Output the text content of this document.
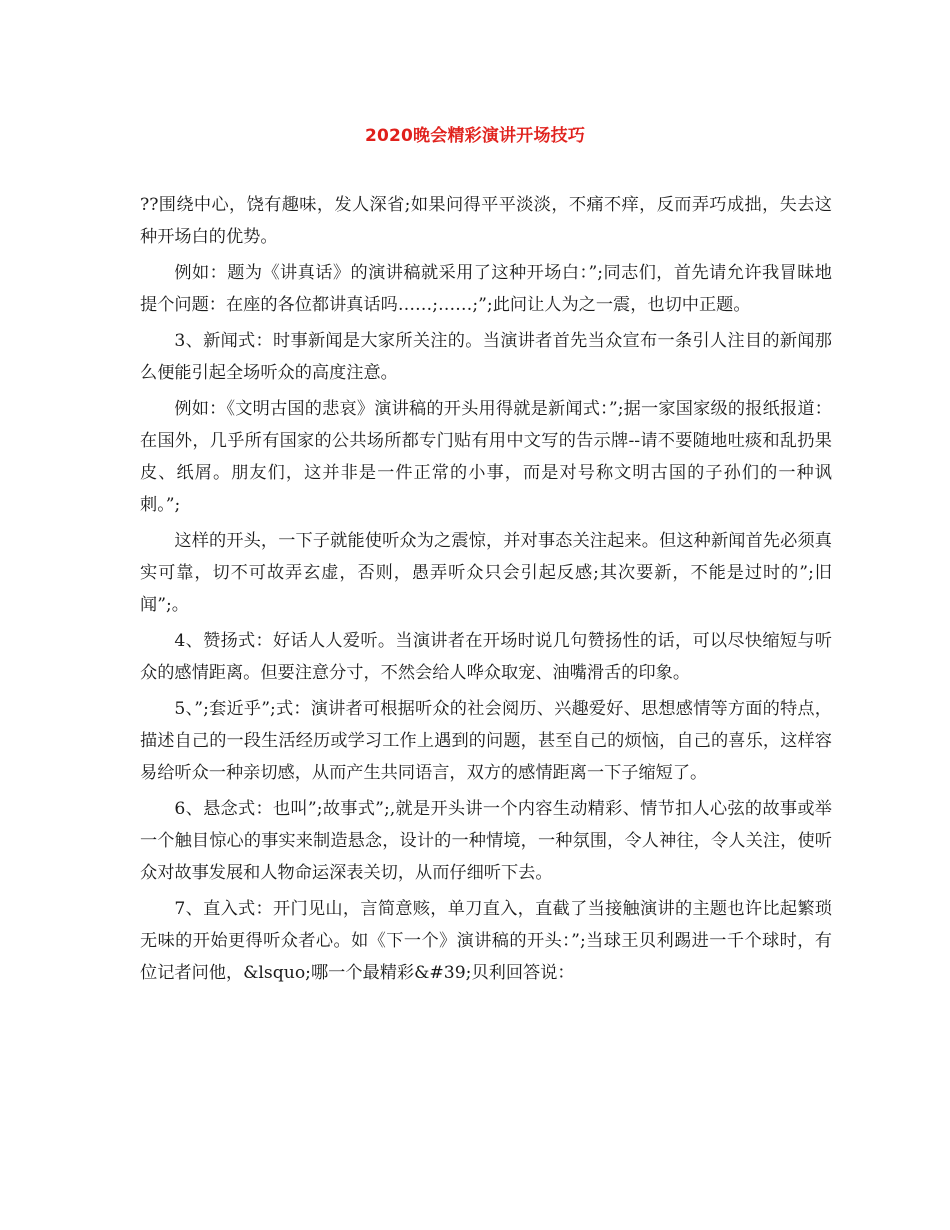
2020晚会精彩演讲开场技巧

??围绕中心，饶有趣味，发人深省;如果问得平平淡淡，不痛不痒，反而弄巧成拙，失去这种开场白的优势。

例如：题为《讲真话》的演讲稿就采用了这种开场白：”;同志们，首先请允许我冒昧地提个问题：在座的各位都讲真话吗……;……;”;此问让人为之一震，也切中正题。

3、新闻式：时事新闻是大家所关注的。当演讲者首先当众宣布一条引人注目的新闻那么便能引起全场听众的高度注意。

例如：《文明古国的悲哀》演讲稿的开头用得就是新闻式：”;据一家国家级的报纸报道：在国外，几乎所有国家的公共场所都专门贴有用中文写的告示牌--请不要随地吐痰和乱扔果皮、纸屑。朋友们，这并非是一件正常的小事，而是对号称文明古国的子孙们的一种讽刺。”;

这样的开头，一下子就能使听众为之震惊，并对事态关注起来。但这种新闻首先必须真实可靠，切不可故弄玄虚，否则，愚弄听众只会引起反感;其次要新，不能是过时的”;旧闻”;。

4、赞扬式：好话人人爱听。当演讲者在开场时说几句赞扬性的话，可以尽快缩短与听众的感情距离。但要注意分寸，不然会给人哗众取宠、油嘴滑舌的印象。

5、”;套近乎”;式：演讲者可根据听众的社会阅历、兴趣爱好、思想感情等方面的特点，描述自己的一段生活经历或学习工作上遇到的问题，甚至自己的烦恼，自己的喜乐，这样容易给听众一种亲切感，从而产生共同语言，双方的感情距离一下子缩短了。

6、悬念式：也叫”;故事式”;,就是开头讲一个内容生动精彩、情节扣人心弦的故事或举一个触目惊心的事实来制造悬念，设计的一种情境，一种氛围，令人神往，令人关注，使听众对故事发展和人物命运深表关切，从而仔细听下去。

7、直入式：开门见山，言简意赅，单刀直入，直截了当接触演讲的主题也许比起繁琐无味的开始更得听众者心。如《下一个》演讲稿的开头：”;当球王贝利踢进一千个球时，有位记者问他，&lsquo;哪一个最精彩&#39;贝利回答说：
